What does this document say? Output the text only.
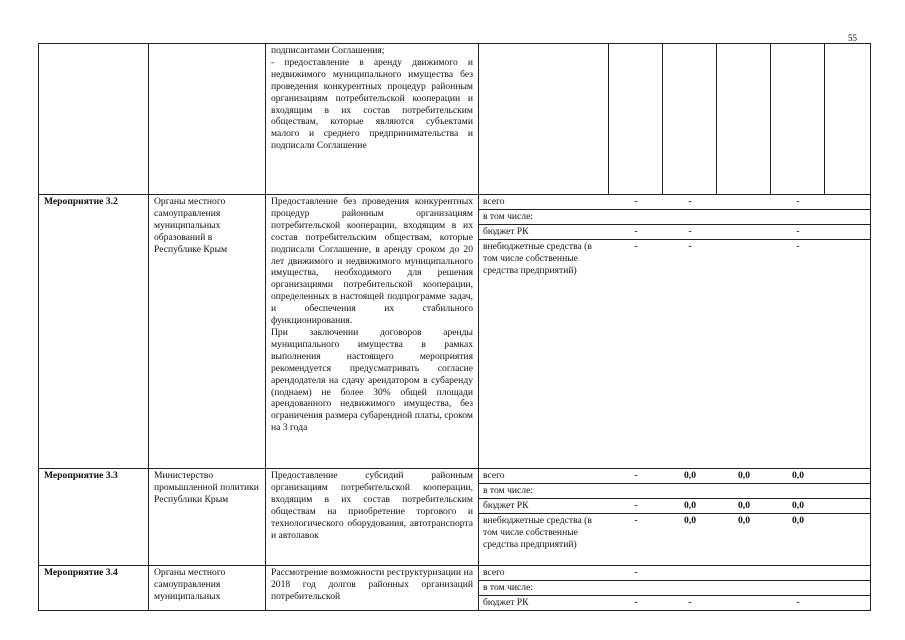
55
		подписантами Соглашения;
- предоставление в аренду движимого и недвижимого муниципального имущества без проведения конкурентных процедур районным организациям потребительской кооперации и входящим в их состав потребительским обществам, которые являются субъектами малого и среднего предпринимательства и подписали Соглашение						
Мероприятие 3.2	Органы местного самоуправления муниципальных образований в Республике Крым	Предоставление без проведения конкурентных процедур районным организациям потребительской кооперации, входящим в их состав потребительским обществам, которые подписали Соглашение, в аренду сроком до 20 лет движимого и недвижимого муниципального имущества, необходимого для решения организациями потребительской кооперации, определенных в настоящей подпрограмме задач, и обеспечения их стабильного функционирования.
При заключении договоров аренды муниципального имущества в рамках выполнения настоящего мероприятия рекомендуется предусматривать согласие арендодателя на сдачу арендатором в субаренду (поднаем) не более 30% общей площади арендованного недвижимого имущества, без ограничения размера субарендной платы, сроком на 3 года	
всего	-	-		-	
в том числе:					
бюджет РК	-	-		-	
внебюджетные средства (в том числе собственные средства предприятий)	-	-		-	

Мероприятие 3.3	Министерство промышленной политики Республики Крым	Предоставление субсидий районным организациям потребительской кооперации, входящим в их состав потребительским обществам на приобретение торгового и технологического оборудования, автотранспорта и автолавок	
всего	-	0,0	0,0	0,0	
в том числе:					
бюджет РК	-	0,0	0,0	0,0	
внебюджетные средства (в том числе собственные средства предприятий)	-	0,0	0,0	0,0	

Мероприятие 3.4	Органы местного самоуправления муниципальных	Рассмотрение возможности реструктуризации на 2018 год долгов районных организаций потребительской	
всего	-				
в том числе:					
бюджет РК	-	-		-	
